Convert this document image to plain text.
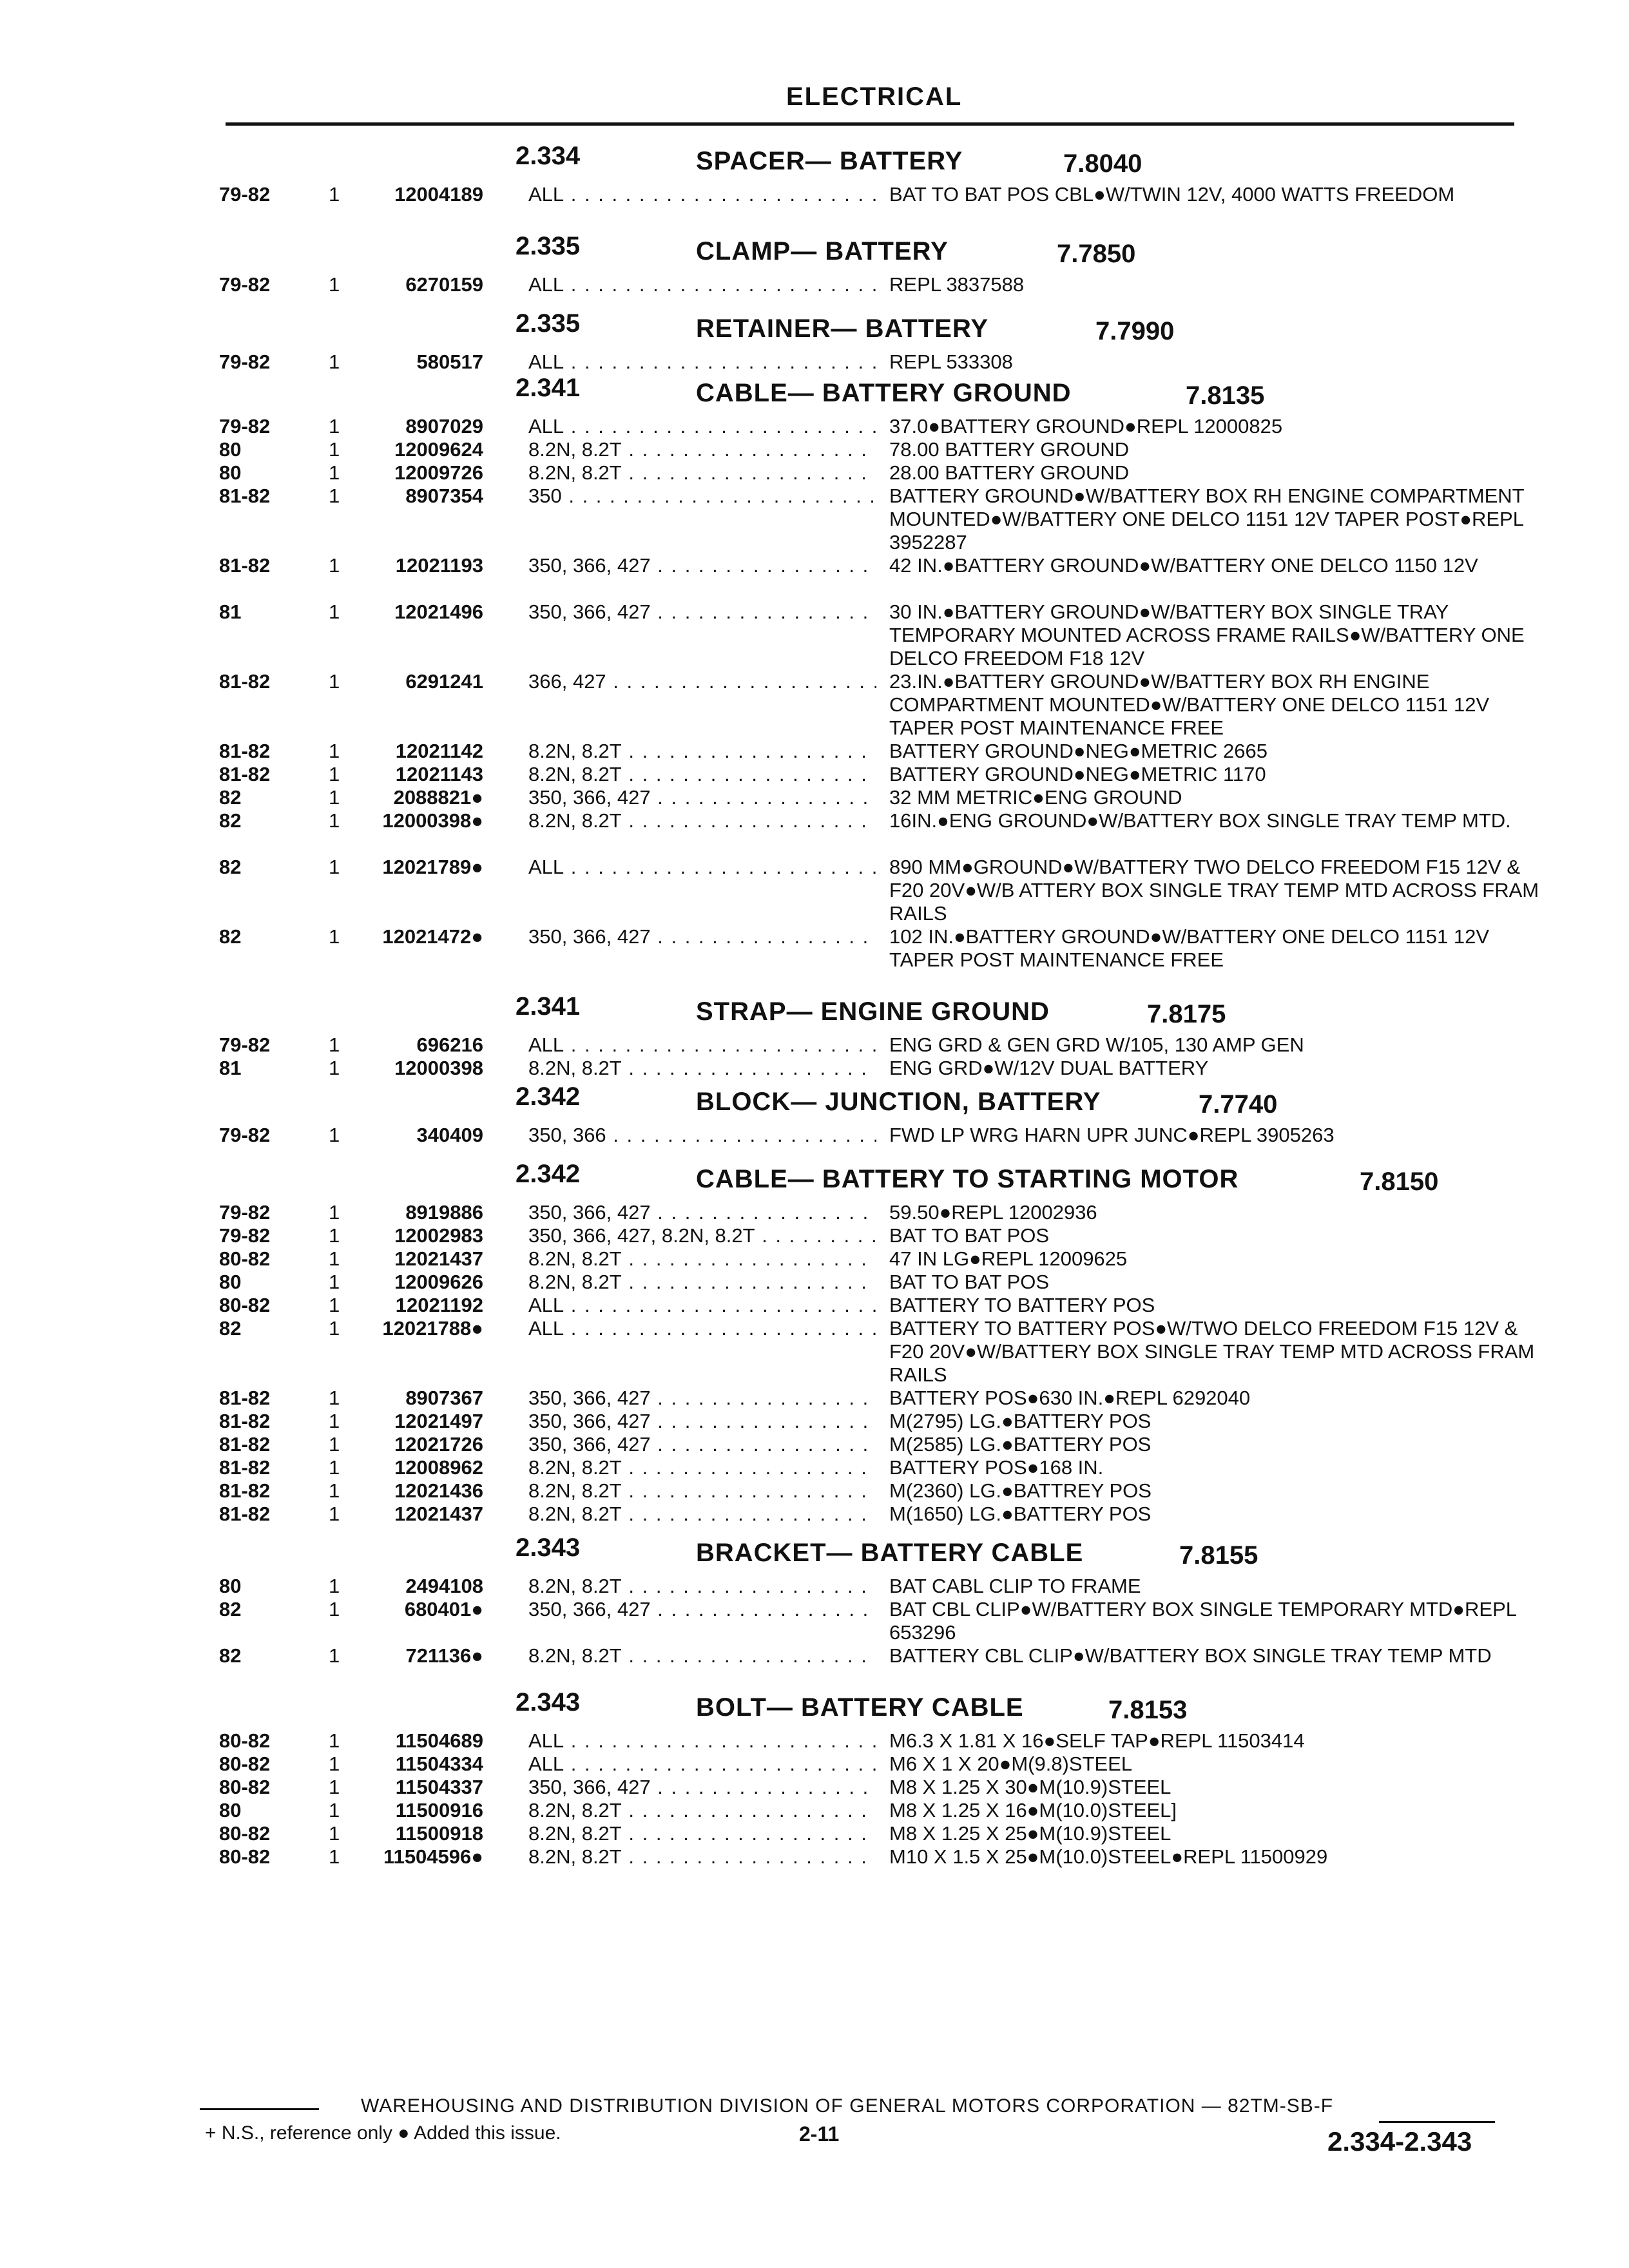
ELECTRICAL
2.334	SPACER— BATTERY	7.8040
79-82	1	12004189 ALL . . .	BAT TO BAT POS CBL●W/TWIN 12V, 4000 WATTS FREEDOM
2.335	CLAMP— BATTERY	7.7850
79-82	1	6270159 ALL . . .	REPL 3837588
2.335	RETAINER— BATTERY	7.7990
79-82	1	580517 ALL . . .	REPL 533308
2.341	CABLE— BATTERY GROUND	7.8135
79-82	1	8907029 ALL . . .	37.0●BATTERY GROUND●REPL 12000825
80	1	12009624 8.2N, 8.2T . . .	78.00 BATTERY GROUND
80	1	12009726 8.2N, 8.2T . . .	28.00 BATTERY GROUND
81-82	1	8907354 350 . . .	BATTERY GROUND●W/BATTERY BOX RH ENGINE COMPARTMENT MOUNTED●W/BATTERY ONE DELCO 1151 12V TAPER POST●REPL 3952287
81-82	1	12021193 350, 366, 427 . . .	42 IN.●BATTERY GROUND●W/BATTERY ONE DELCO 1150 12V
81	1	12021496 350, 366, 427 . . .	30 IN.●BATTERY GROUND●W/BATTERY BOX SINGLE TRAY TEMPORARY MOUNTED ACROSS FRAME RAILS●W/BATTERY ONE DELCO FREEDOM F18 12V
81-82	1	6291241 366, 427 . . .	23.IN.●BATTERY GROUND●W/BATTERY BOX RH ENGINE COMPARTMENT MOUNTED●W/BATTERY ONE DELCO 1151 12V TAPER POST MAINTENANCE FREE
81-82	1	12021142 8.2N, 8.2T . . .	BATTERY GROUND●NEG●METRIC 2665
81-82	1	12021143 8.2N, 8.2T . . .	BATTERY GROUND●NEG●METRIC 1170
82	1	2088821● 350, 366, 427 . . .	32 MM METRIC●ENG GROUND
82	1	12000398● 8.2N, 8.2T . . .	16IN.●ENG GROUND●W/BATTERY BOX SINGLE TRAY TEMP MTD.
82	1	12021789● ALL . . .	890 MM●GROUND●W/BATTERY TWO DELCO FREEDOM F15 12V & F20 20V●W/B ATTERY BOX SINGLE TRAY TEMP MTD ACROSS FRAM RAILS
82	1	12021472● 350, 366, 427 . . .	102 IN.●BATTERY GROUND●W/BATTERY ONE DELCO 1151 12V TAPER POST MAINTENANCE FREE
2.341	STRAP— ENGINE GROUND	7.8175
79-82	1	696216 ALL . . .	ENG GRD & GEN GRD W/105, 130 AMP GEN
81	1	12000398 8.2N, 8.2T . . .	ENG GRD●W/12V DUAL BATTERY
2.342	BLOCK— JUNCTION, BATTERY	7.7740
79-82	1	340409 350, 366 . . .	FWD LP WRG HARN UPR JUNC●REPL 3905263
2.342	CABLE— BATTERY TO STARTING MOTOR	7.8150
79-82	1	8919886 350, 366, 427 . . .	59.50●REPL 12002936
79-82	1	12002983 350, 366, 427, 8.2N, 8.2T . . .	BAT TO BAT POS
80-82	1	12021437 8.2N, 8.2T . . .	47 IN LG●REPL 12009625
80	1	12009626 8.2N, 8.2T . . .	BAT TO BAT POS
80-82	1	12021192 ALL . . .	BATTERY TO BATTERY POS
82	1	12021788● ALL . . .	BATTERY TO BATTERY POS●W/TWO DELCO FREEDOM F15 12V & F20 20V●W/BATTERY BOX SINGLE TRAY TEMP MTD ACROSS FRAM RAILS
81-82	1	8907367 350, 366, 427 . . .	BATTERY POS●630 IN.●REPL 6292040
81-82	1	12021497 350, 366, 427 . . .	M(2795) LG.●BATTERY POS
81-82	1	12021726 350, 366, 427 . . .	M(2585) LG.●BATTERY POS
81-82	1	12008962 8.2N, 8.2T . . .	BATTERY POS●168 IN.
81-82	1	12021436 8.2N, 8.2T . . .	M(2360) LG.●BATTREY POS
81-82	1	12021437 8.2N, 8.2T . . .	M(1650) LG.●BATTERY POS
2.343	BRACKET— BATTERY CABLE	7.8155
80	1	2494108 8.2N, 8.2T . . .	BAT CABL CLIP TO FRAME
82	1	680401● 350, 366, 427 . . .	BAT CBL CLIP●W/BATTERY BOX SINGLE TEMPORARY MTD●REPL 653296
82	1	721136● 8.2N, 8.2T . . .	BATTERY CBL CLIP●W/BATTERY BOX SINGLE TRAY TEMP MTD
2.343	BOLT— BATTERY CABLE	7.8153
80-82	1	11504689 ALL . . .	M6.3 X 1.81 X 16●SELF TAP●REPL 11503414
80-82	1	11504334 ALL . . .	M6 X 1 X 20●M(9.8)STEEL
80-82	1	11504337 350, 366, 427 . . .	M8 X 1.25 X 30●M(10.9)STEEL
80	1	11500916 8.2N, 8.2T . . .	M8 X 1.25 X 16●M(10.0)STEEL]
80-82	1	11500918 8.2N, 8.2T . . .	M8 X 1.25 X 25●M(10.9)STEEL
80-82	1	11504596● 8.2N, 8.2T . . .	M10 X 1.5 X 25●M(10.0)STEEL●REPL 11500929
WAREHOUSING AND DISTRIBUTION DIVISION OF GENERAL MOTORS CORPORATION — 82TM-SB-F
+ N.S., reference only ● Added this issue.	2-11	2.334-2.343
